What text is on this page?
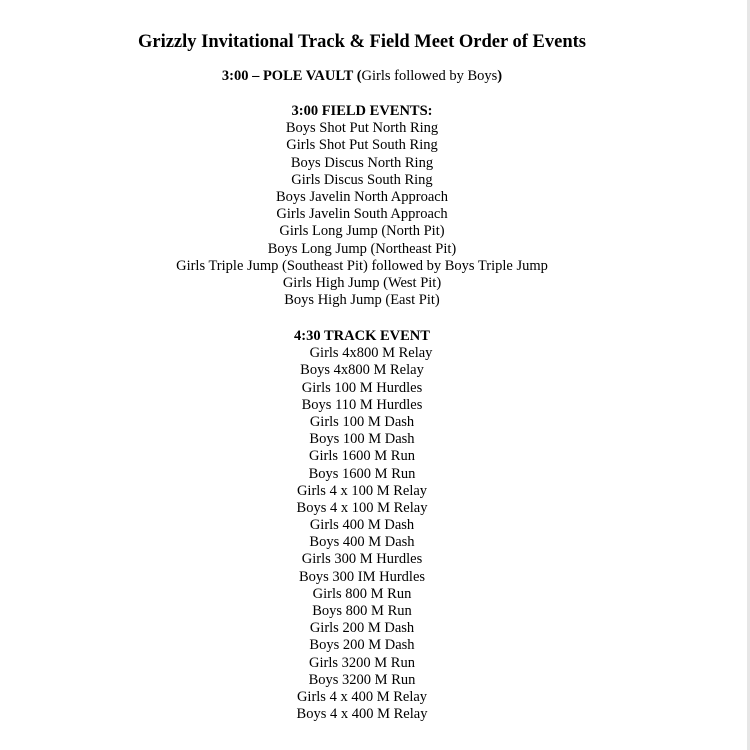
Grizzly Invitational Track & Field Meet Order of Events
3:00 – POLE VAULT (Girls followed by Boys)
3:00 FIELD EVENTS:
Boys Shot Put North Ring
Girls Shot Put South Ring
Boys Discus North Ring
Girls Discus South Ring
Boys Javelin North Approach
Girls Javelin South Approach
Girls Long Jump (North Pit)
Boys Long Jump (Northeast Pit)
Girls Triple Jump (Southeast Pit) followed by Boys Triple Jump
Girls High Jump (West Pit)
Boys High Jump (East Pit)
4:30 TRACK EVENT
Girls 4x800 M Relay
Boys 4x800 M Relay
Girls 100 M Hurdles
Boys 110 M Hurdles
Girls 100 M Dash
Boys 100 M Dash
Girls 1600 M Run
Boys 1600 M Run
Girls 4 x 100 M Relay
Boys 4 x 100 M Relay
Girls 400 M Dash
Boys 400 M Dash
Girls 300 M Hurdles
Boys 300 IM Hurdles
Girls 800 M Run
Boys 800 M Run
Girls 200 M Dash
Boys 200 M Dash
Girls 3200 M Run
Boys 3200 M Run
Girls 4 x 400 M Relay
Boys 4 x 400 M Relay
